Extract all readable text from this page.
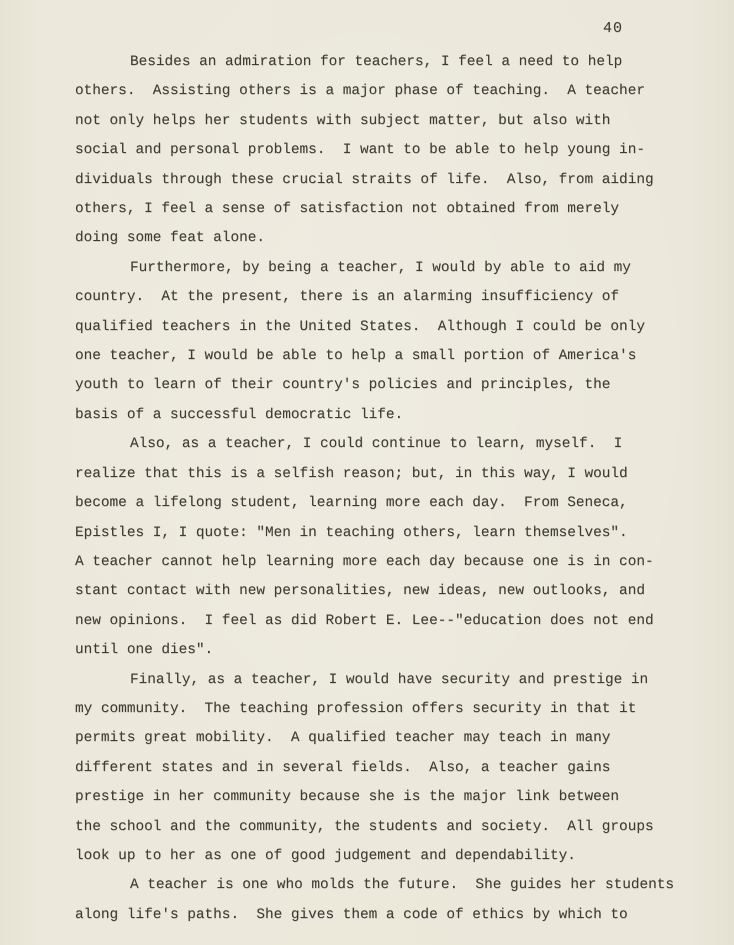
40
Besides an admiration for teachers, I feel a need to help
others.  Assisting others is a major phase of teaching.  A teacher
not only helps her students with subject matter, but also with
social and personal problems.  I want to be able to help young in-
dividuals through these crucial straits of life.  Also, from aiding
others, I feel a sense of satisfaction not obtained from merely
doing some feat alone.
Furthermore, by being a teacher, I would by able to aid my
country.  At the present, there is an alarming insufficiency of
qualified teachers in the United States.  Although I could be only
one teacher, I would be able to help a small portion of America's
youth to learn of their country's policies and principles, the
basis of a successful democratic life.
Also, as a teacher, I could continue to learn, myself.  I
realize that this is a selfish reason; but, in this way, I would
become a lifelong student, learning more each day.  From Seneca,
Epistles I, I quote: "Men in teaching others, learn themselves".
A teacher cannot help learning more each day because one is in con-
stant contact with new personalities, new ideas, new outlooks, and
new opinions.  I feel as did Robert E. Lee--"education does not end
until one dies".
Finally, as a teacher, I would have security and prestige in
my community.  The teaching profession offers security in that it
permits great mobility.  A qualified teacher may teach in many
different states and in several fields.  Also, a teacher gains
prestige in her community because she is the major link between
the school and the community, the students and society.  All groups
look up to her as one of good judgement and dependability.
A teacher is one who molds the future.  She guides her students
along life's paths.  She gives them a code of ethics by which to
